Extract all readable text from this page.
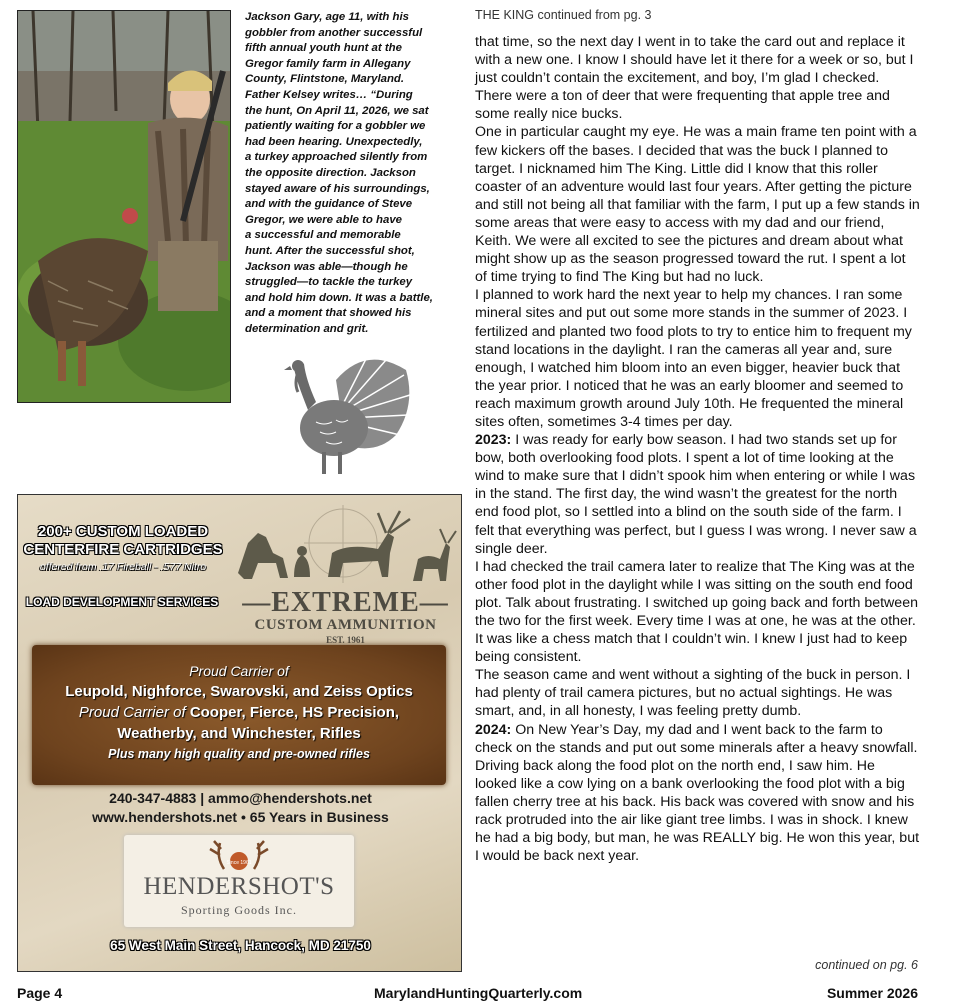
Jackson Gary, age 11, with his
gobbler from another successful
fifth annual youth hunt at the
Gregor family farm in Allegany
County, Flintstone, Maryland.
Father Kelsey writes… “During
the hunt, On April 11, 2026, we sat
patiently waiting for a gobbler we
had been hearing. Unexpectedly,
a turkey approached silently from
the opposite direction. Jackson
stayed aware of his surroundings,
and with the guidance of Steve
Gregor, we were able to have
a successful and memorable
hunt. After the successful shot,
Jackson was able—though he
struggled—to tackle the turkey
and hold him down. It was a battle,
and a moment that showed his
determination and grit.
200+ CUSTOM LOADED
CENTERFIRE CARTRIDGES
offered from .17 Fireball - .577 Nitro
LOAD DEVELOPMENT SERVICES —EXTREME—
CUSTOM AMMUNITION
EST. 1961
Proud Carrier of
Leupold, Nighforce, Swarovski, and Zeiss Optics
Proud Carrier of Cooper, Fierce, HS Precision,
Weatherby, and Winchester, Rifles
Plus many high quality and pre-owned rifles
240-347-4883 | ammo@hendershots.net
www.hendershots.net • 65 Years in Business
Since 1961
HENDERSHOT'S
Sporting Goods Inc.
65 West Main Street, Hancock, MD 21750
THE KING continued from pg. 3

that time, so the next day I went in to take the card out and replace it with a new one. I know I should have let it there for a week or so, but I just couldn’t contain the excitement, and boy, I’m glad I checked. There were a ton of deer that were frequenting that apple tree and some really nice bucks.

One in particular caught my eye. He was a main frame ten point with a few kickers off the bases. I decided that was the buck I planned to target. I nicknamed him The King. Little did I know that this roller coaster of an adventure would last four years. After getting the picture and still not being all that familiar with the farm, I put up a few stands in some areas that were easy to access with my dad and our friend, Keith. We were all excited to see the pictures and dream about what might show up as the season progressed toward the rut. I spent a lot of time trying to find The King but had no luck.

I planned to work hard the next year to help my chances. I ran some mineral sites and put out some more stands in the summer of 2023. I fertilized and planted two food plots to try to entice him to frequent my stand locations in the daylight. I ran the cameras all year and, sure enough, I watched him bloom into an even bigger, heavier buck that the year prior. I noticed that he was an early bloomer and seemed to reach maximum growth around July 10th. He frequented the mineral sites often, sometimes 3-4 times per day.

2023: I was ready for early bow season. I had two stands set up for bow, both overlooking food plots. I spent a lot of time looking at the wind to make sure that I didn’t spook him when entering or while I was in the stand. The first day, the wind wasn’t the greatest for the north end food plot, so I settled into a blind on the south side of the farm. I felt that everything was perfect, but I guess I was wrong. I never saw a single deer.

I had checked the trail camera later to realize that The King was at the other food plot in the daylight while I was sitting on the south end food plot. Talk about frustrating. I switched up going back and forth between the two for the first week. Every time I was at one, he was at the other. It was like a chess match that I couldn’t win. I knew I just had to keep being consistent.

The season came and went without a sighting of the buck in person. I had plenty of trail camera pictures, but no actual sightings. He was smart, and, in all honesty, I was feeling pretty dumb.

2024: On New Year’s Day, my dad and I went back to the farm to check on the stands and put out some minerals after a heavy snowfall. Driving back along the food plot on the north end, I saw him. He looked like a cow lying on a bank overlooking the food plot with a big fallen cherry tree at his back. His back was covered with snow and his rack protruded into the air like giant tree limbs. I was in shock. I knew he had a big body, but man, he was REALLY big. He won this year, but I would be back next year.

continued on pg. 6
Page 4	MarylandHuntingQuarterly.com	Summer 2026
